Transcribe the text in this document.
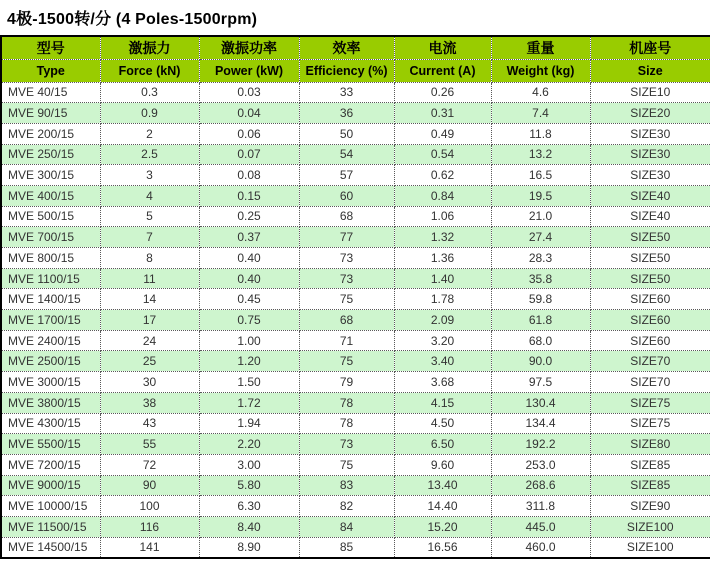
4极-1500转/分 (4 Poles-1500rpm)
型号	激振力	激振功率	效率	电流	重量	机座号
Type	Force (kN)	Power (kW)	Efficiency (%)	Current (A)	Weight (kg)	Size
MVE 40/15	0.3	0.03	33	0.26	4.6	SIZE10
MVE 90/15	0.9	0.04	36	0.31	7.4	SIZE20
MVE 200/15	2	0.06	50	0.49	11.8	SIZE30
MVE 250/15	2.5	0.07	54	0.54	13.2	SIZE30
MVE 300/15	3	0.08	57	0.62	16.5	SIZE30
MVE 400/15	4	0.15	60	0.84	19.5	SIZE40
MVE 500/15	5	0.25	68	1.06	21.0	SIZE40
MVE 700/15	7	0.37	77	1.32	27.4	SIZE50
MVE 800/15	8	0.40	73	1.36	28.3	SIZE50
MVE 1100/15	11	0.40	73	1.40	35.8	SIZE50
MVE 1400/15	14	0.45	75	1.78	59.8	SIZE60
MVE 1700/15	17	0.75	68	2.09	61.8	SIZE60
MVE 2400/15	24	1.00	71	3.20	68.0	SIZE60
MVE 2500/15	25	1.20	75	3.40	90.0	SIZE70
MVE 3000/15	30	1.50	79	3.68	97.5	SIZE70
MVE 3800/15	38	1.72	78	4.15	130.4	SIZE75
MVE 4300/15	43	1.94	78	4.50	134.4	SIZE75
MVE 5500/15	55	2.20	73	6.50	192.2	SIZE80
MVE 7200/15	72	3.00	75	9.60	253.0	SIZE85
MVE 9000/15	90	5.80	83	13.40	268.6	SIZE85
MVE 10000/15	100	6.30	82	14.40	311.8	SIZE90
MVE 11500/15	116	8.40	84	15.20	445.0	SIZE100
MVE 14500/15	141	8.90	85	16.56	460.0	SIZE100
